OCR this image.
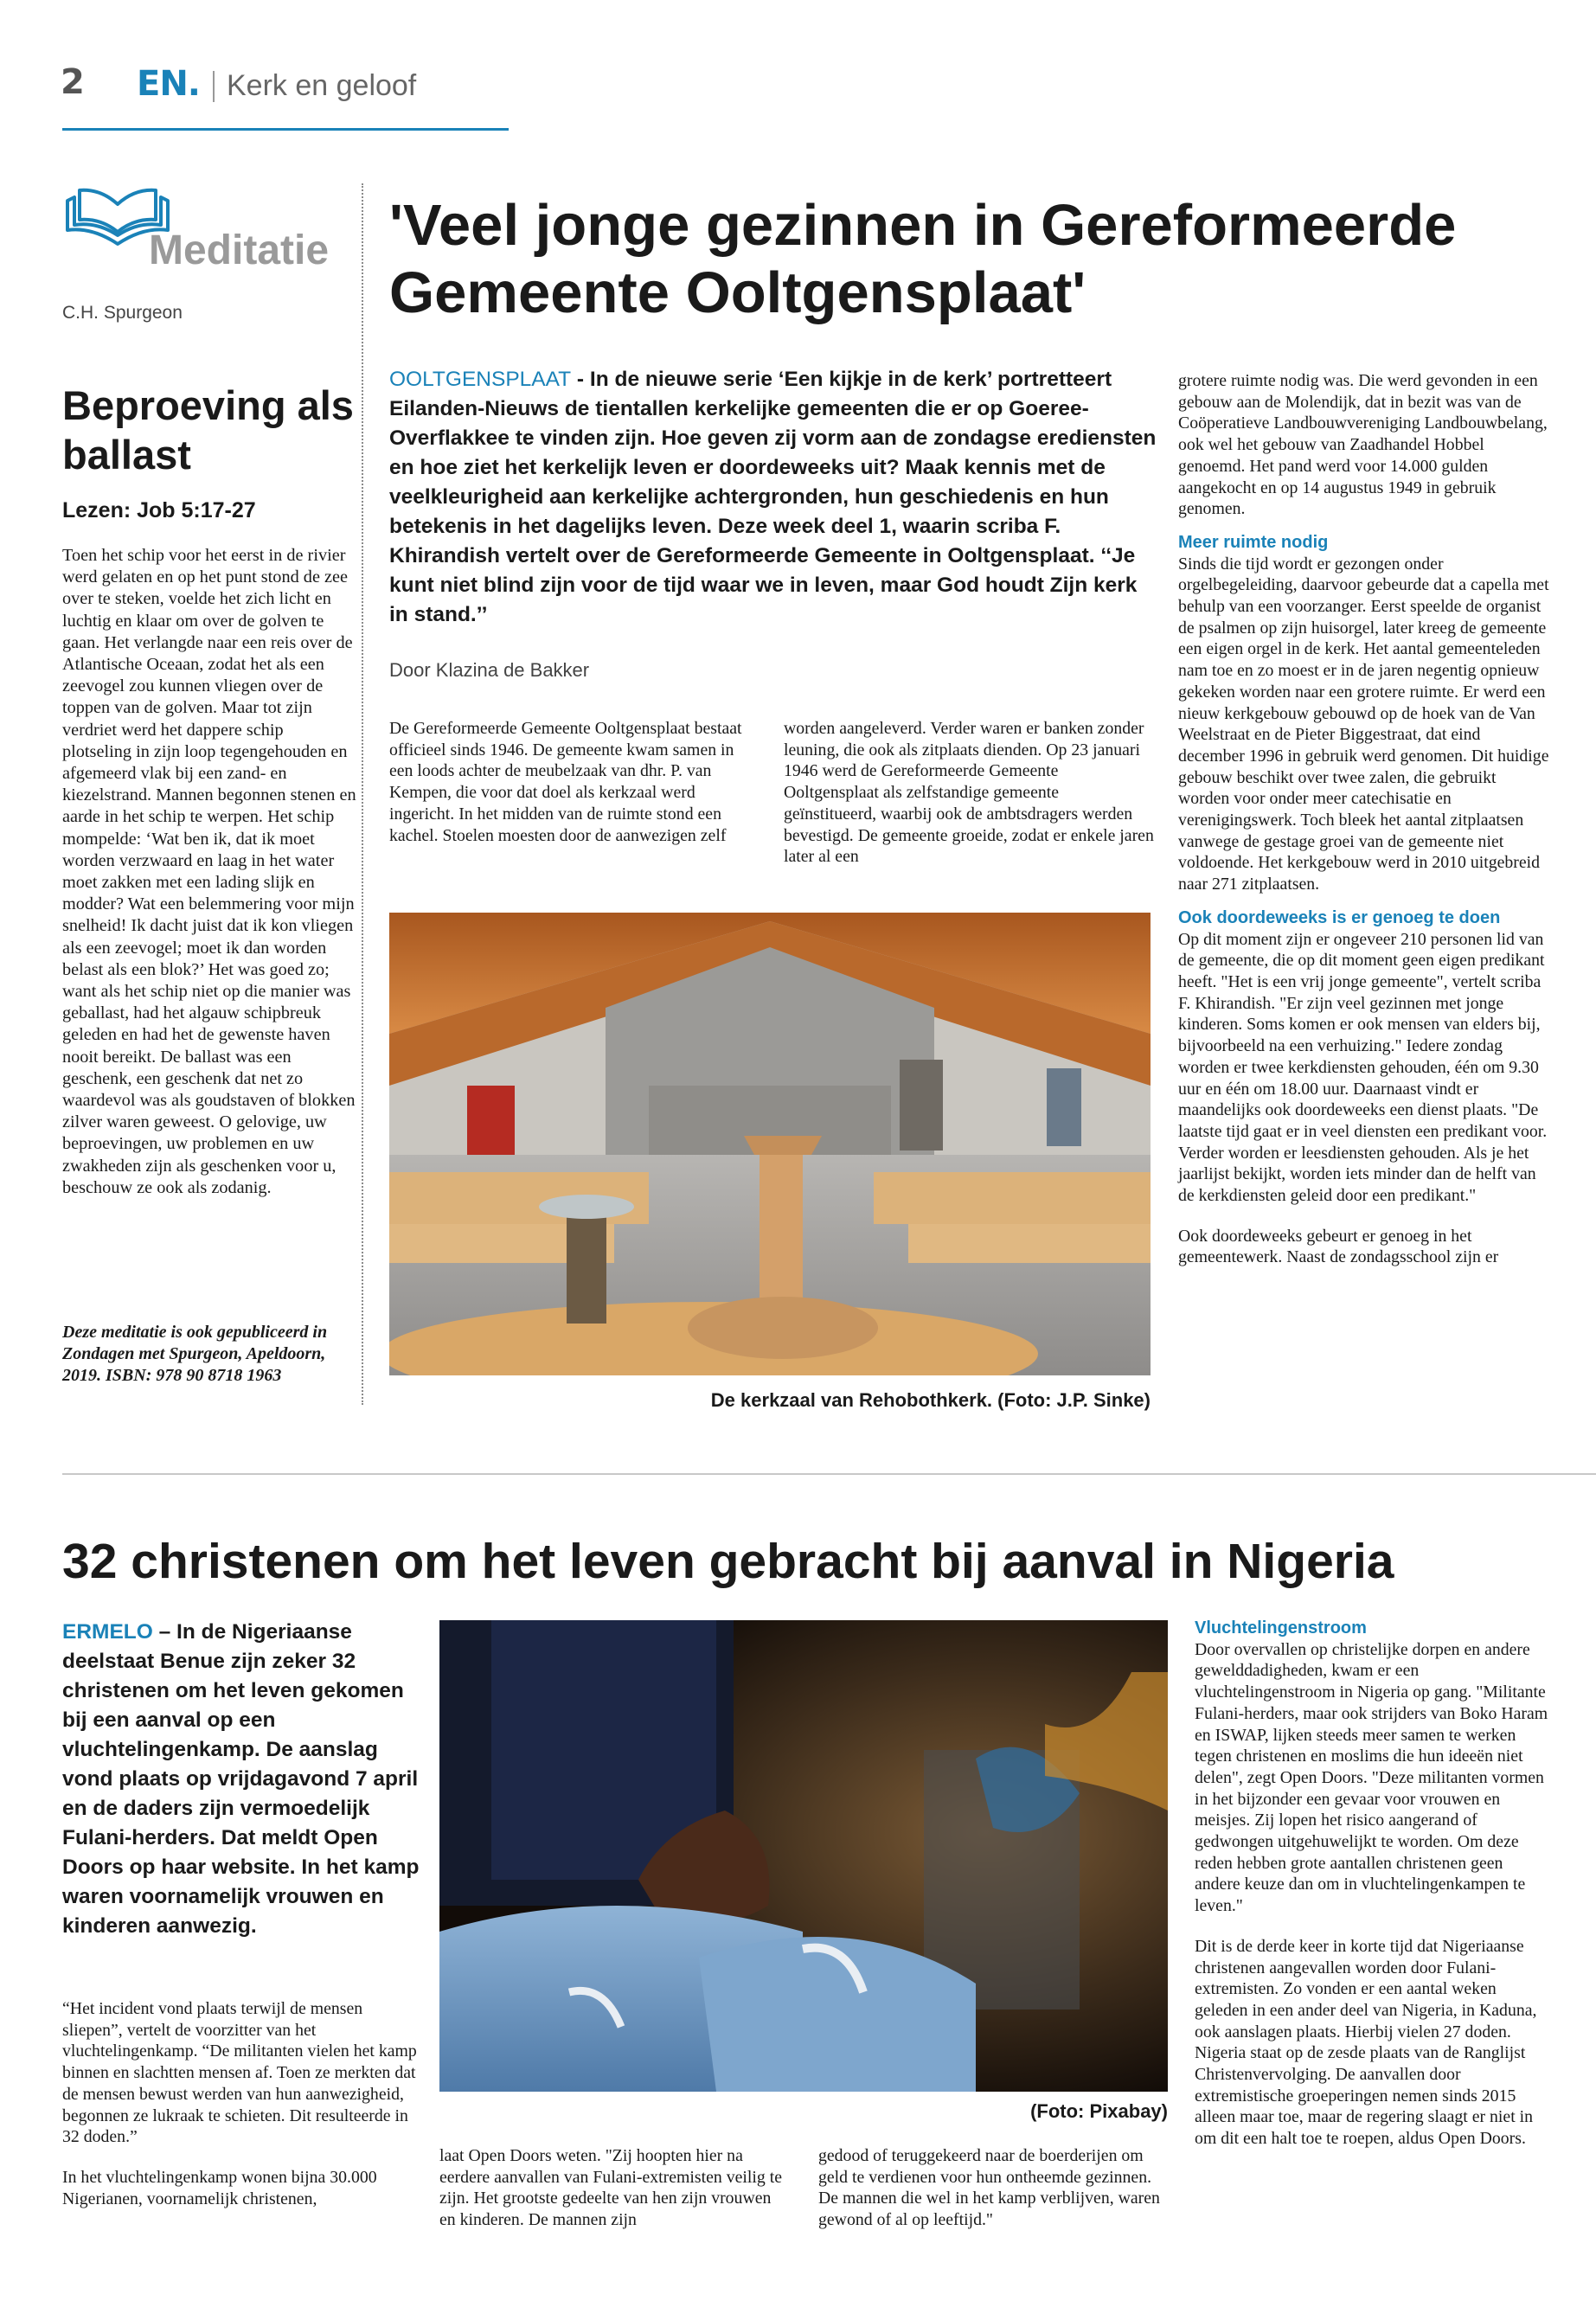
2 EN. Kerk en geloof
Meditatie
C.H. Spurgeon
Beproeving als ballast
Lezen: Job 5:17-27
Toen het schip voor het eerst in de rivier werd gelaten en op het punt stond de zee over te steken, voelde het zich licht en luchtig en klaar om over de golven te gaan. Het verlangde naar een reis over de Atlantische Oceaan, zodat het als een zeevogel zou kunnen vliegen over de toppen van de golven. Maar tot zijn verdriet werd het dappere schip plotseling in zijn loop tegengehouden en afgemeerd vlak bij een zand- en kiezelstrand. Mannen begonnen stenen en aarde in het schip te werpen. Het schip mompelde: ‘Wat ben ik, dat ik moet worden verzwaard en laag in het water moet zakken met een lading slijk en modder? Wat een belemmering voor mijn snelheid! Ik dacht juist dat ik kon vliegen als een zeevogel; moet ik dan worden belast als een blok?’ Het was goed zo; want als het schip niet op die manier was geballast, had het algauw schipbreuk geleden en had het de gewenste haven nooit bereikt. De ballast was een geschenk, een geschenk dat net zo waardevol was als goudstaven of blokken zilver waren geweest. O gelovige, uw beproevingen, uw problemen en uw zwakheden zijn als geschenken voor u, beschouw ze ook als zodanig.
Deze meditatie is ook gepubliceerd in Zondagen met Spurgeon, Apeldoorn, 2019. ISBN: 978 90 8718 1963
'Veel jonge gezinnen in Gereformeerde Gemeente Ooltgensplaat'
OOLTGENSPLAAT - In de nieuwe serie ‘Een kijkje in de kerk’ portretteert Eilanden-Nieuws de tientallen kerkelijke gemeenten die er op Goeree-Overflakkee te vinden zijn. Hoe geven zij vorm aan de zondagse erediensten en hoe ziet het kerkelijk leven er doordeweeks uit? Maak kennis met de veelkleurigheid aan kerkelijke achtergronden, hun geschiedenis en hun betekenis in het dagelijks leven. Deze week deel 1, waarin scriba F. Khirandish vertelt over de Gereformeerde Gemeente in Ooltgensplaat. ‘‘Je kunt niet blind zijn voor de tijd waar we in leven, maar God houdt Zijn kerk in stand.’’
Door Klazina de Bakker
De Gereformeerde Gemeente Ooltgensplaat bestaat officieel sinds 1946. De gemeente kwam samen in een loods achter de meubelzaak van dhr. P. van Kempen, die voor dat doel als kerkzaal werd ingericht. In het midden van de ruimte stond een kachel. Stoelen moesten door de aanwezigen zelf
worden aangeleverd. Verder waren er banken zonder leuning, die ook als zitplaats dienden. Op 23 januari 1946 werd de Gereformeerde Gemeente Ooltgensplaat als zelfstandige gemeente geïnstitueerd, waarbij ook de ambtsdragers werden bevestigd. De gemeente groeide, zodat er enkele jaren later al een
De kerkzaal van Rehobothkerk. (Foto: J.P. Sinke)

grotere ruimte nodig was. Die werd gevonden in een gebouw aan de Molendijk, dat in bezit was van de Coöperatieve Landbouwvereniging Landbouwbelang, ook wel het gebouw van Zaadhandel Hobbel genoemd. Het pand werd voor 14.000 gulden aangekocht en op 14 augustus 1949 in gebruik genomen.

Meer ruimte nodig

Sinds die tijd wordt er gezongen onder orgelbegeleiding, daarvoor gebeurde dat a capella met behulp van een voorzanger. Eerst speelde de organist de psalmen op zijn huisorgel, later kreeg de gemeente een eigen orgel in de kerk. Het aantal gemeenteleden nam toe en zo moest er in de jaren negentig opnieuw gekeken worden naar een grotere ruimte. Er werd een nieuw kerkgebouw gebouwd op de hoek van de Van Weelstraat en de Pieter Biggestraat, dat eind december 1996 in gebruik werd genomen. Dit huidige gebouw beschikt over twee zalen, die gebruikt worden voor onder meer catechisatie en verenigingswerk. Toch bleek het aantal zitplaatsen vanwege de gestage groei van de gemeente niet voldoende. Het kerkgebouw werd in 2010 uitgebreid naar 271 zitplaatsen.

Ook doordeweeks is er genoeg te doen

Op dit moment zijn er ongeveer 210 personen lid van de gemeente, die op dit moment geen eigen predikant heeft. "Het is een vrij jonge gemeente", vertelt scriba F. Khirandish. "Er zijn veel gezinnen met jonge kinderen. Soms komen er ook mensen van elders bij, bijvoorbeeld na een verhuizing." Iedere zondag worden er twee kerkdiensten gehouden, één om 9.30 uur en één om 18.00 uur. Daarnaast vindt er maandelijks ook doordeweeks een dienst plaats. "De laatste tijd gaat er in veel diensten een predikant voor. Verder worden er leesdiensten gehouden. Als je het jaarlijst bekijkt, worden iets minder dan de helft van de kerkdiensten geleid door een predikant."

Ook doordeweeks gebeurt er genoeg in het gemeentewerk. Naast de zondagsschool zijn er

32 christenen om het leven gebracht bij aanval in Nigeria
ERMELO – In de Nigeriaanse deelstaat Benue zijn zeker 32 christenen om het leven gekomen bij een aanval op een vluchtelingenkamp. De aanslag vond plaats op vrijdagavond 7 april en de daders zijn vermoedelijk Fulani-herders. Dat meldt Open Doors op haar website. In het kamp waren voornamelijk vrouwen en kinderen aanwezig.

“Het incident vond plaats terwijl de mensen sliepen”, vertelt de voorzitter van het vluchtelingenkamp. “De militanten vielen het kamp binnen en slachtten mensen af. Toen ze merkten dat de mensen bewust werden van hun aanwezigheid, begonnen ze lukraak te schieten. Dit resulteerde in 32 doden.”

In het vluchtelingenkamp wonen bijna 30.000 Nigerianen, voornamelijk christenen,

(Foto: Pixabay)
laat Open Doors weten. "Zij hoopten hier na eerdere aanvallen van Fulani-extremisten veilig te zijn. Het grootste gedeelte van hen zijn vrouwen en kinderen. De mannen zijn
gedood of teruggekeerd naar de boerderijen om geld te verdienen voor hun ontheemde gezinnen. De mannen die wel in het kamp verblijven, waren gewond of al op leeftijd."

Vluchtelingenstroom

Door overvallen op christelijke dorpen en andere gewelddadigheden, kwam er een vluchtelingenstroom in Nigeria op gang. "Militante Fulani-herders, maar ook strijders van Boko Haram en ISWAP, lijken steeds meer samen te werken tegen christenen en moslims die hun ideeën niet delen", zegt Open Doors. "Deze militanten vormen in het bijzonder een gevaar voor vrouwen en meisjes. Zij lopen het risico aangerand of gedwongen uitgehuwelijkt te worden. Om deze reden hebben grote aantallen christenen geen andere keuze dan om in vluchtelingenkampen te leven."

Dit is de derde keer in korte tijd dat Nigeriaanse christenen aangevallen worden door Fulani-extremisten. Zo vonden er een aantal weken geleden in een ander deel van Nigeria, in Kaduna, ook aanslagen plaats. Hierbij vielen 27 doden. Nigeria staat op de zesde plaats van de Ranglijst Christenvervolging. De aanvallen door extremistische groeperingen nemen sinds 2015 alleen maar toe, maar de regering slaagt er niet in om dit een halt toe te roepen, aldus Open Doors.
